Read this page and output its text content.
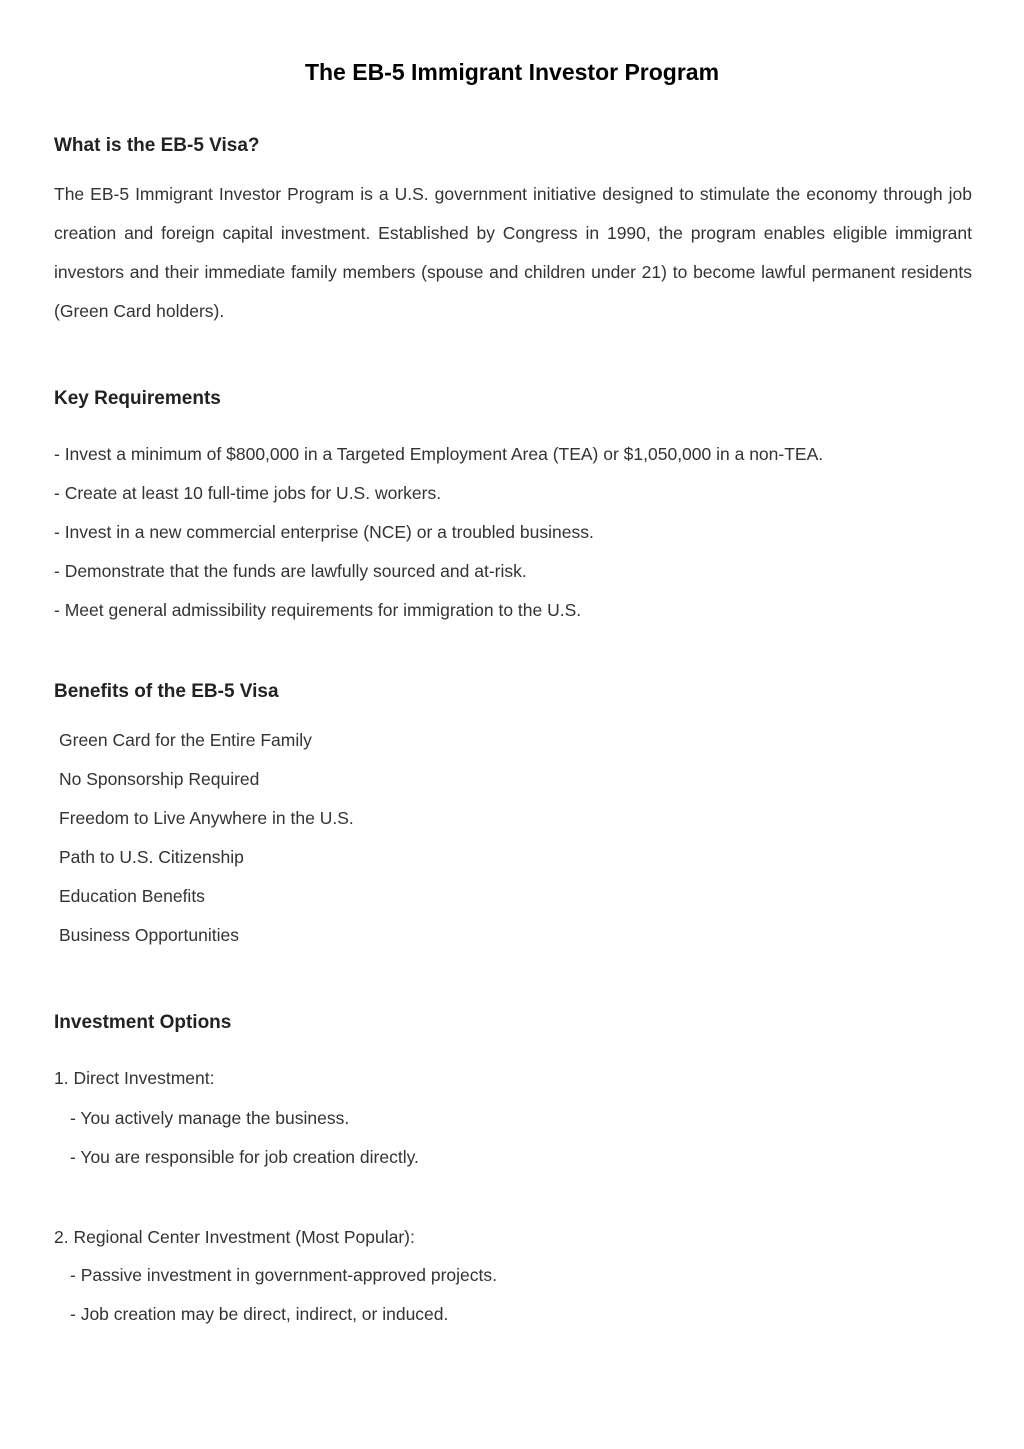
The EB-5 Immigrant Investor Program
What is the EB-5 Visa?

The EB-5 Immigrant Investor Program is a U.S. government initiative designed to stimulate the economy through job creation and foreign capital investment. Established by Congress in 1990, the program enables eligible immigrant investors and their immediate family members (spouse and children under 21) to become lawful permanent residents (Green Card holders).

Key Requirements

- Invest a minimum of $800,000 in a Targeted Employment Area (TEA) or $1,050,000 in a non-TEA.

- Create at least 10 full-time jobs for U.S. workers.

- Invest in a new commercial enterprise (NCE) or a troubled business.

- Demonstrate that the funds are lawfully sourced and at-risk.

- Meet general admissibility requirements for immigration to the U.S.

Benefits of the EB-5 Visa

Green Card for the Entire Family

No Sponsorship Required

Freedom to Live Anywhere in the U.S.

Path to U.S. Citizenship

Education Benefits

Business Opportunities

Investment Options

1. Direct Investment:

- You actively manage the business.

- You are responsible for job creation directly.

2. Regional Center Investment (Most Popular):

- Passive investment in government-approved projects.

- Job creation may be direct, indirect, or induced.
